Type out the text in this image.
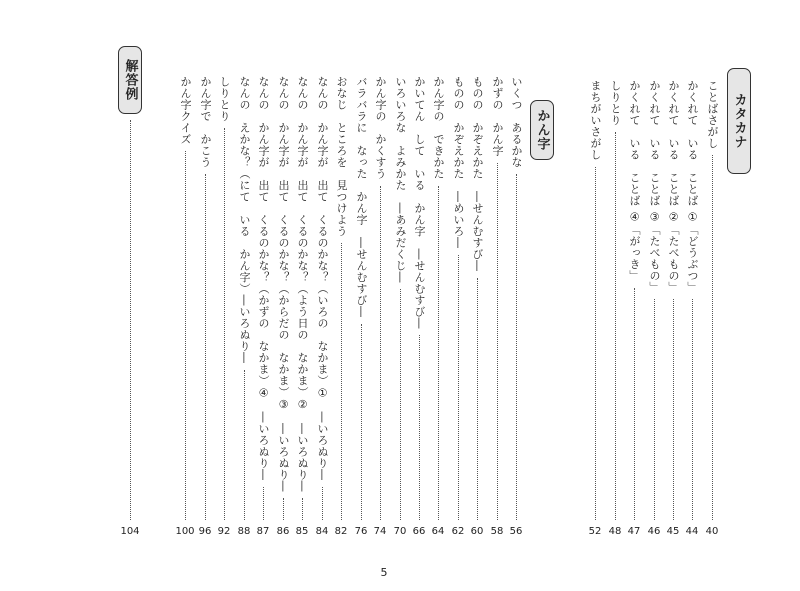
カタカナ
ことばさがし
40
かくれて　いる　ことば ①「どうぶつ」
44
かくれて　いる　ことば ②「たべもの」
45
かくれて　いる　ことば ③「たべもの」
46
かくれて　いる　ことば ④「がっき」
47
しりとり
48
まちがいさがし
52
かん字
いくつ　あるかな
56
かずの　かん字
58
ものの　かぞえかた　―せんむすび―
60
ものの　かぞえかた　―めいろ―
62
かん字の　できかた
64
かいてん　して　いる　かん字　―せんむすび―
66
いろいろな　よみかた　―あみだくじ―
70
かん字の　かくすう
74
バラバラに　なった　かん字　―せんむすび―
76
おなじ　ところを　見つけよう
82
なんの　かん字が　出て　くるのかな？（いろの　なかま）①　―いろぬり―
84
なんの　かん字が　出て　くるのかな？（よう日の　なかま）②　―いろぬり―
85
なんの　かん字が　出て　くるのかな？（からだの　なかま）③　―いろぬり―
86
なんの　かん字が　出て　くるのかな？（かずの　なかま）④　―いろぬり―
87
なんの　えかな？（にて　いる　かん字）―いろぬり―
88
しりとり
92
かん字で　かこう
96
かん字クイズ
100
解答例
104
5
